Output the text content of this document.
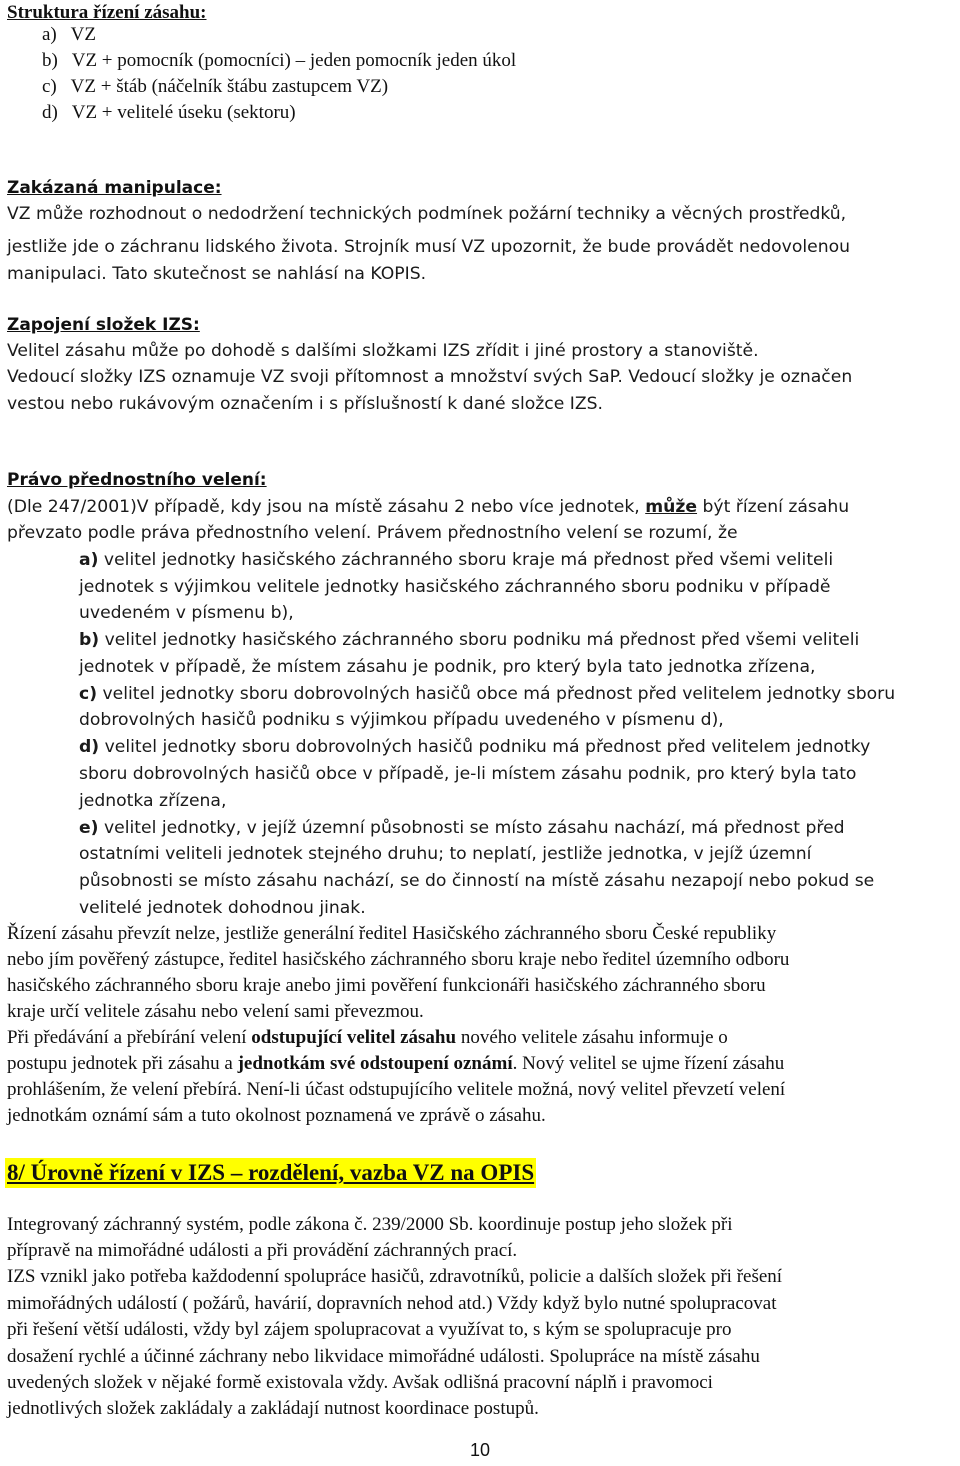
Struktura řízení zásahu:
a)   VZ
b)   VZ + pomocník (pomocníci) – jeden pomocník jeden úkol
c)   VZ + štáb (náčelník štábu zastupcem VZ)
d)   VZ + velitelé úseku (sektoru)
Zakázaná manipulace:
VZ může rozhodnout o nedodržení technických podmínek požární techniky a věcných prostředků,
jestliže jde o záchranu lidského života. Strojník musí VZ upozornit, že bude provádět nedovolenou
manipulaci. Tato skutečnost se nahlásí na KOPIS.
Zapojení složek IZS:
Velitel zásahu může po dohodě s dalšími složkami IZS zřídit i jiné prostory a stanoviště.
Vedoucí složky IZS oznamuje VZ svoji přítomnost a množství svých SaP. Vedoucí složky je označen
vestou nebo rukávovým označením i s příslušností k dané složce IZS.
Právo přednostního velení:
(Dle 247/2001)V případě, kdy jsou na místě zásahu 2 nebo více jednotek, může být řízení zásahu
převzato podle práva přednostního velení. Právem přednostního velení se rozumí, že
a) velitel jednotky hasičského záchranného sboru kraje má přednost před všemi veliteli
jednotek s výjimkou velitele jednotky hasičského záchranného sboru podniku v případě
uvedeném v písmenu b),
b) velitel jednotky hasičského záchranného sboru podniku má přednost před všemi veliteli
jednotek v případě, že místem zásahu je podnik, pro který byla tato jednotka zřízena,
c) velitel jednotky sboru dobrovolných hasičů obce má přednost před velitelem jednotky sboru
dobrovolných hasičů podniku s výjimkou případu uvedeného v písmenu d),
d) velitel jednotky sboru dobrovolných hasičů podniku má přednost před velitelem jednotky
sboru dobrovolných hasičů obce v případě, je-li místem zásahu podnik, pro který byla tato
jednotka zřízena,
e) velitel jednotky, v jejíž územní působnosti se místo zásahu nachází, má přednost před
ostatními veliteli jednotek stejného druhu; to neplatí, jestliže jednotka, v jejíž územní
působnosti se místo zásahu nachází, se do činností na místě zásahu nezapojí nebo pokud se
velitelé jednotek dohodnou jinak.
Řízení zásahu převzít nelze, jestliže generální ředitel Hasičského záchranného sboru České republiky
nebo jím pověřený zástupce, ředitel hasičského záchranného sboru kraje nebo ředitel územního odboru
hasičského záchranného sboru kraje anebo jimi pověření funkcionáři hasičského záchranného sboru
kraje určí velitele zásahu nebo velení sami převezmou.
Při předávání a přebírání velení odstupující velitel zásahu nového velitele zásahu informuje o
postupu jednotek při zásahu a jednotkám své odstoupení oznámí. Nový velitel se ujme řízení zásahu
prohlášením, že velení přebírá. Není-li účast odstupujícího velitele možná, nový velitel převzetí velení
jednotkám oznámí sám a tuto okolnost poznamená ve zprávě o zásahu.
8/ Úrovně řízení v IZS – rozdělení, vazba VZ na OPIS
Integrovaný záchranný systém, podle zákona č. 239/2000 Sb. koordinuje postup jeho složek při
přípravě na mimořádné události a při provádění záchranných prací.
IZS vznikl jako potřeba každodenní spolupráce hasičů, zdravotníků, policie a dalších složek při řešení
mimořádných událostí ( požárů, havárií, dopravních nehod atd.) Vždy když bylo nutné spolupracovat
při řešení větší události, vždy byl zájem spolupracovat a využívat to, s kým se spolupracuje pro
dosažení rychlé a účinné záchrany nebo likvidace mimořádné události. Spolupráce na místě zásahu
uvedených složek v nějaké formě existovala vždy. Avšak odlišná pracovní náplň i pravomoci
jednotlivých složek zakládaly a zakládají nutnost koordinace postupů.
10
